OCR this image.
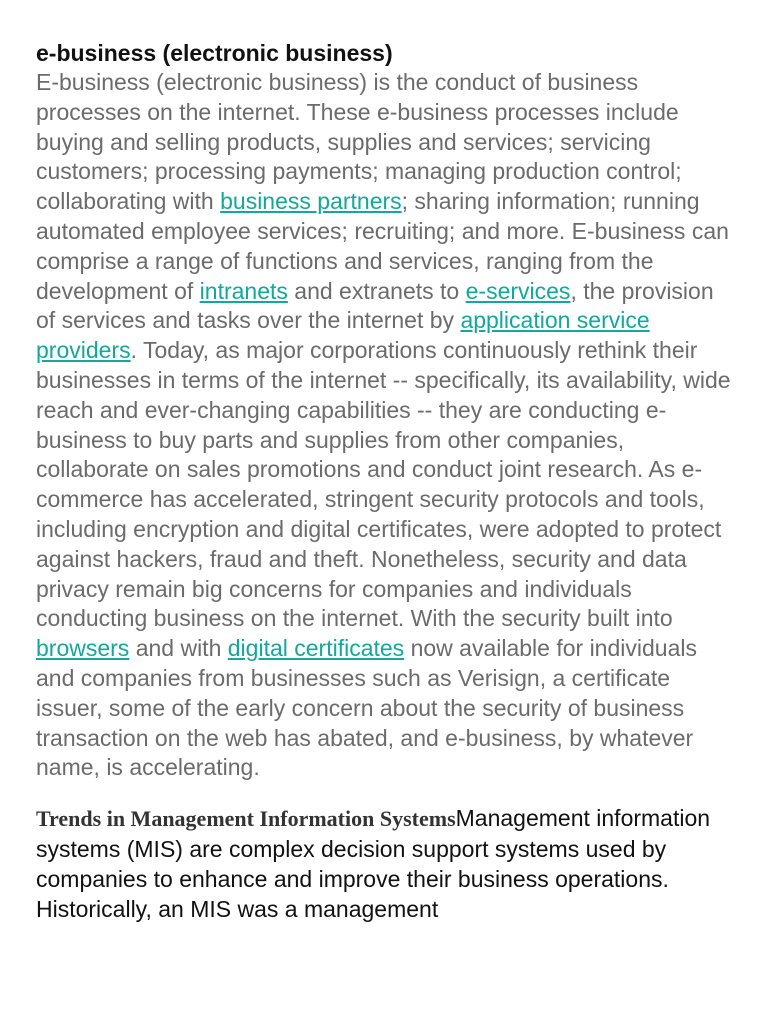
e-business (electronic business)

E-business (electronic business) is the conduct of business processes on the internet. These e-business processes include buying and selling products, supplies and services; servicing customers; processing payments; managing production control; collaborating with business partners; sharing information; running automated employee services; recruiting; and more. E-business can comprise a range of functions and services, ranging from the development of intranets and extranets to e-services, the provision of services and tasks over the internet by application service providers. Today, as major corporations continuously rethink their businesses in terms of the internet -- specifically, its availability, wide reach and ever-changing capabilities -- they are conducting e-business to buy parts and supplies from other companies, collaborate on sales promotions and conduct joint research. As e-commerce has accelerated, stringent security protocols and tools, including encryption and digital certificates, were adopted to protect against hackers, fraud and theft. Nonetheless, security and data privacy remain big concerns for companies and individuals conducting business on the internet. With the security built into browsers and with digital certificates now available for individuals and companies from businesses such as Verisign, a certificate issuer, some of the early concern about the security of business transaction on the web has abated, and e-business, by whatever name, is accelerating.

Trends in Management Information SystemsManagement information systems (MIS) are complex decision support systems used by companies to enhance and improve their business operations. Historically, an MIS was a management
